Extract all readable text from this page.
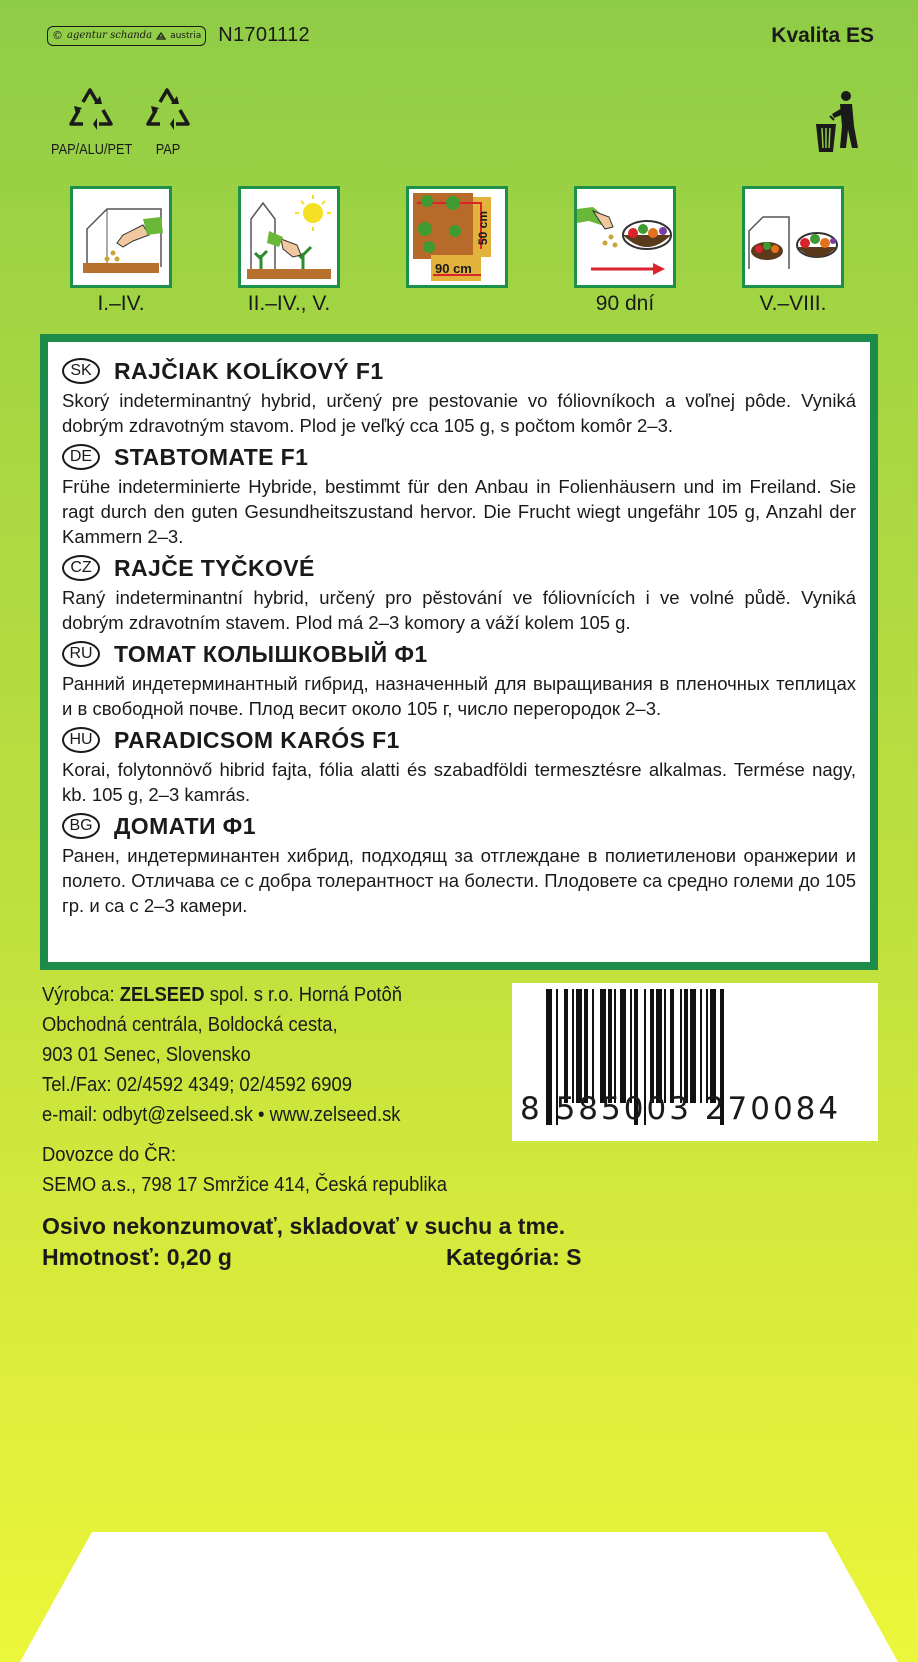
© agentur schanda austria N1701112	Kvalita ES
PAP/ALU/PET	PAP
I.–IV.	II.–IV., V.
90 cm
50 cm
90 dní	V.–VIII.
SK RAJČIAK KOLÍKOVÝ F1

Skorý indeterminantný hybrid, určený pre pestovanie vo fóliovníkoch a voľnej pôde. Vyniká dobrým zdravotným stavom. Plod je veľký cca 105 g, s počtom komôr 2–3.

DE STABTOMATE F1

Frühe indeterminierte Hybride, bestimmt für den Anbau in Folienhäusern und im Freiland. Sie ragt durch den guten Gesundheitszustand hervor. Die Frucht wiegt ungefähr 105 g, Anzahl der Kammern 2–3.

CZ RAJČE TYČKOVÉ

Raný indeterminantní hybrid, určený pro pěstování ve fóliovnících i ve volné půdě. Vyniká dobrým zdravotním stavem. Plod má 2–3 komory a váží kolem 105 g.

RU ТОМАТ КОЛЫШКОВЫЙ Ф1

Ранний индетерминантный гибрид, назначенный для выращивания в пленочных теплицах и в свободной почве. Плод весит около 105 г, число перегородок 2–3.

HU PARADICSOM KARÓS F1

Korai, folytonnövő hibrid fajta, fólia alatti és szabadföldi termesztésre alkalmas. Termése nagy, kb. 105 g, 2–3 kamrás.

BG ДОМАТИ Ф1

Ранен, индетерминантен хибрид, подходящ за отглеждане в полиетиленови оранжерии и полето. Отличава се с добра толерантност на болести. Плодовете са средно големи до 105 гр. и са с 2–3 камери.

Výrobca: ZELSEED spol. s r.o. Horná Potôň
Obchodná centrála, Boldocká cesta,
903 01 Senec, Slovensko
Tel./Fax: 02/4592 4349; 02/4592 6909
e-mail: odbyt@zelseed.sk • www.zelseed.sk
Dovozce do ČR:
SEMO a.s., 798 17 Smržice 414, Česká republika
8 585003 270084
Osivo nekonzumovať, skladovať v suchu a tme.
Hmotnosť: 0,20 g	Kategória: S
